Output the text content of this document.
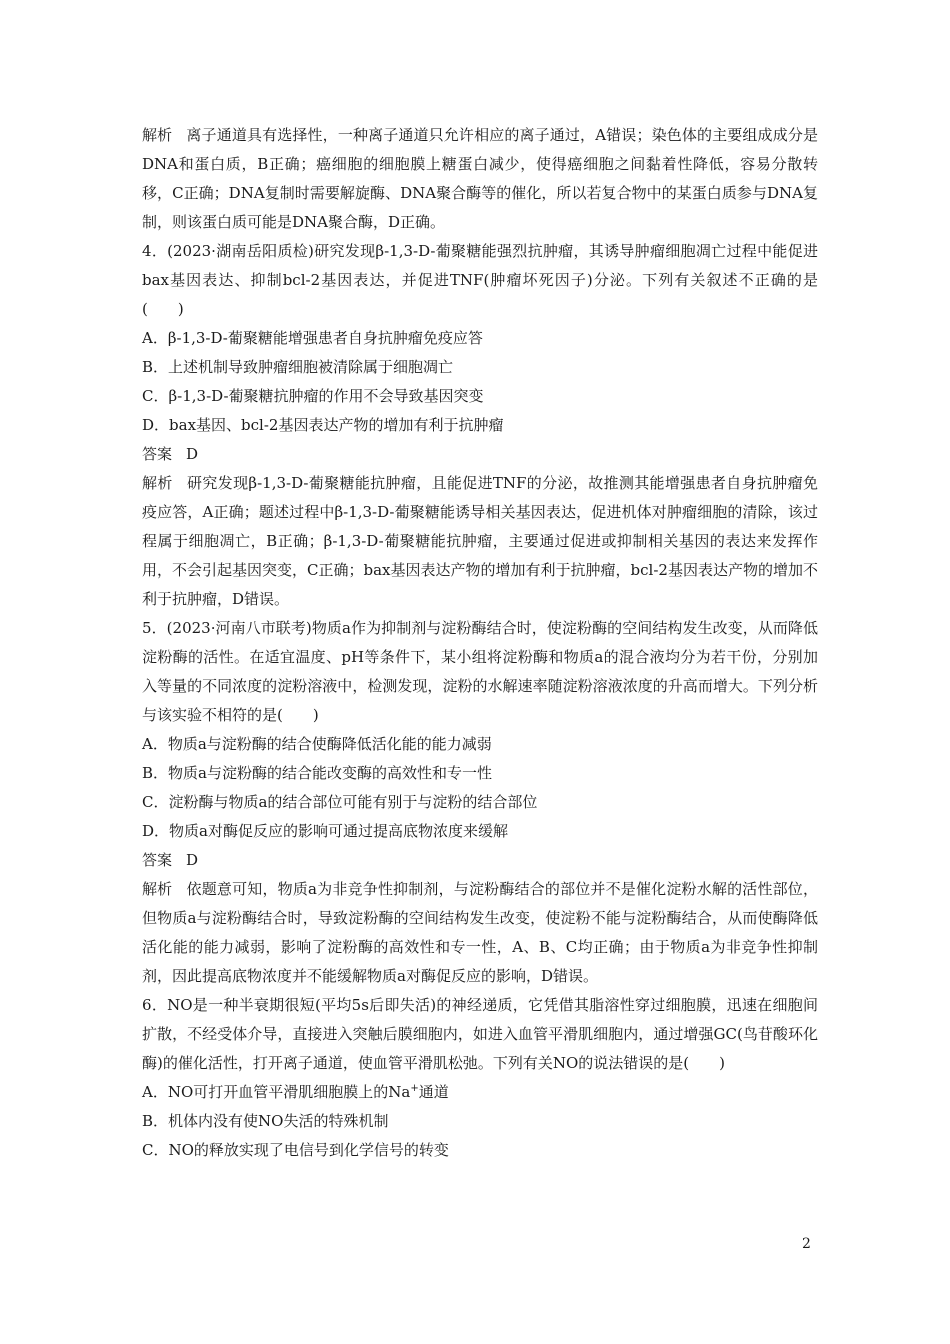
解析 离子通道具有选择性，一种离子通道只允许相应的离子通过，A错误；染色体的主要组成成分是DNA和蛋白质，B正确；癌细胞的细胞膜上糖蛋白减少，使得癌细胞之间黏着性降低，容易分散转移，C正确；DNA复制时需要解旋酶、DNA聚合酶等的催化，所以若复合物中的某蛋白质参与DNA复制，则该蛋白质可能是DNA聚合酶，D正确。

4．(2023·湖南岳阳质检)研究发现β-1,3-D-葡聚糖能强烈抗肿瘤，其诱导肿瘤细胞凋亡过程中能促进bax基因表达、抑制bcl-2基因表达，并促进TNF(肿瘤坏死因子)分泌。下列有关叙述不正确的是(　　)

A．β-1,3-D-葡聚糖能增强患者自身抗肿瘤免疫应答

B．上述机制导致肿瘤细胞被清除属于细胞凋亡

C．β-1,3-D-葡聚糖抗肿瘤的作用不会导致基因突变

D．bax基因、bcl-2基因表达产物的增加有利于抗肿瘤

答案 D

解析 研究发现β-1,3-D-葡聚糖能抗肿瘤，且能促进TNF的分泌，故推测其能增强患者自身抗肿瘤免疫应答，A正确；题述过程中β-1,3-D-葡聚糖能诱导相关基因表达，促进机体对肿瘤细胞的清除，该过程属于细胞凋亡，B正确；β-1,3-D-葡聚糖能抗肿瘤，主要通过促进或抑制相关基因的表达来发挥作用，不会引起基因突变，C正确；bax基因表达产物的增加有利于抗肿瘤，bcl-2基因表达产物的增加不利于抗肿瘤，D错误。

5．(2023·河南八市联考)物质a作为抑制剂与淀粉酶结合时，使淀粉酶的空间结构发生改变，从而降低淀粉酶的活性。在适宜温度、pH等条件下，某小组将淀粉酶和物质a的混合液均分为若干份，分别加入等量的不同浓度的淀粉溶液中，检测发现，淀粉的水解速率随淀粉溶液浓度的升高而增大。下列分析与该实验不相符的是(　　)

A．物质a与淀粉酶的结合使酶降低活化能的能力减弱

B．物质a与淀粉酶的结合能改变酶的高效性和专一性

C．淀粉酶与物质a的结合部位可能有别于与淀粉的结合部位

D．物质a对酶促反应的影响可通过提高底物浓度来缓解

答案 D

解析 依题意可知，物质a为非竞争性抑制剂，与淀粉酶结合的部位并不是催化淀粉水解的活性部位，但物质a与淀粉酶结合时，导致淀粉酶的空间结构发生改变，使淀粉不能与淀粉酶结合，从而使酶降低活化能的能力减弱，影响了淀粉酶的高效性和专一性，A、B、C均正确；由于物质a为非竞争性抑制剂，因此提高底物浓度并不能缓解物质a对酶促反应的影响，D错误。

6．NO是一种半衰期很短(平均5s后即失活)的神经递质，它凭借其脂溶性穿过细胞膜，迅速在细胞间扩散，不经受体介导，直接进入突触后膜细胞内，如进入血管平滑肌细胞内，通过增强GC(鸟苷酸环化酶)的催化活性，打开离子通道，使血管平滑肌松弛。下列有关NO的说法错误的是(　　)

A．NO可打开血管平滑肌细胞膜上的Na+通道

B．机体内没有使NO失活的特殊机制

C．NO的释放实现了电信号到化学信号的转变

2
